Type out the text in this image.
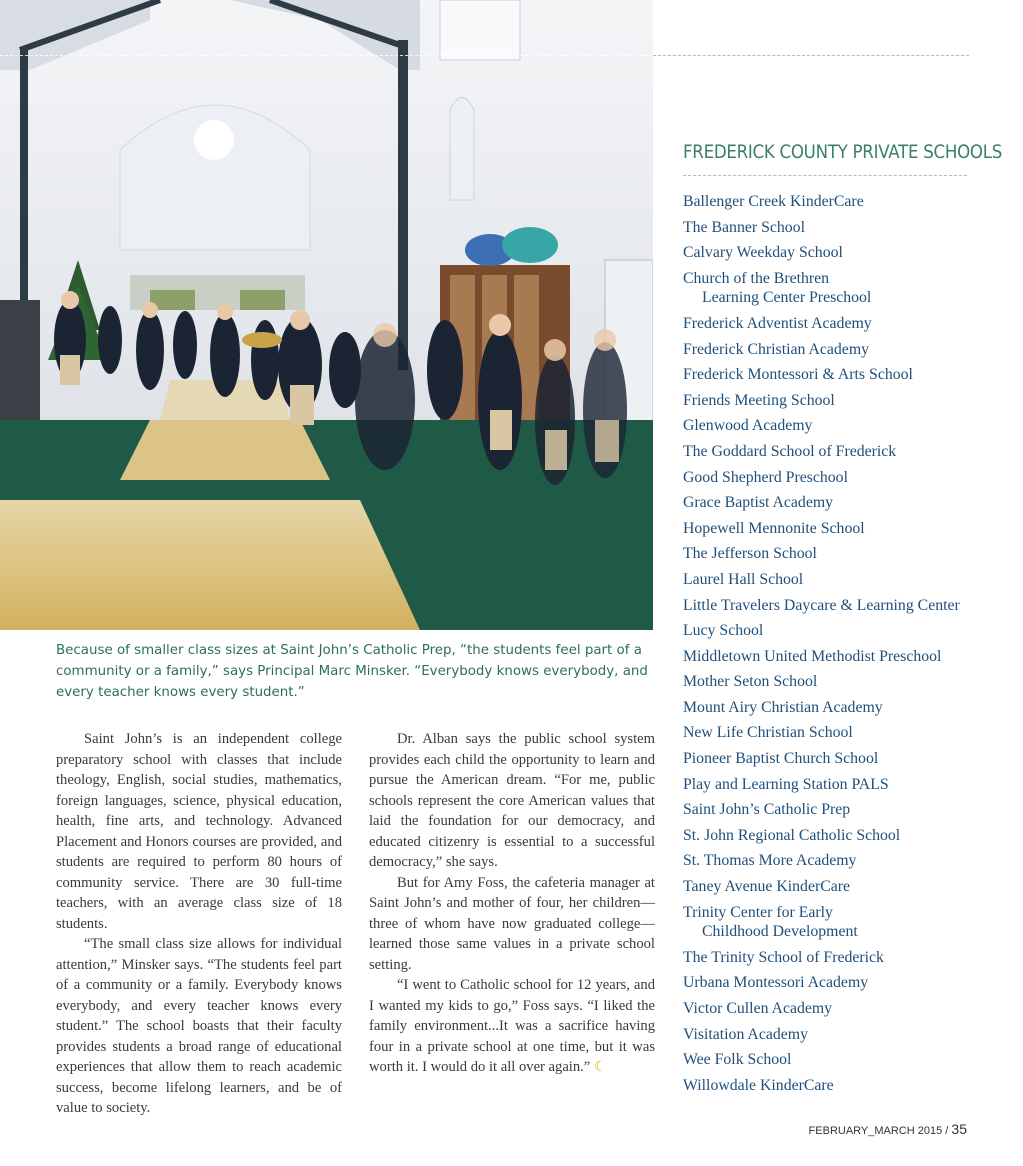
Because of smaller class sizes at Saint John’s Catholic Prep, “the students feel part of a community or a family,” says Principal Marc Minsker. “Everybody knows everybody, and every teacher knows every student.”

Saint John’s is an independent college preparatory school with classes that include theology, English, social studies, mathematics, foreign languages, science, physical education, health, fine arts, and technology. Advanced Placement and Honors courses are provided, and students are required to perform 80 hours of community service. There are 30 full-time teachers, with an average class size of 18 students.

“The small class size allows for individual attention,” Minsker says. “The students feel part of a community or a family. Everybody knows everybody, and every teacher knows every student.” The school boasts that their faculty provides students a broad range of educational experiences that allow them to reach academic success, become lifelong learners, and be of value to society.

Dr. Alban says the public school system provides each child the opportunity to learn and pursue the American dream. “For me, public schools represent the core American values that laid the foundation for our democracy, and educated citizenry is essential to a successful democracy,” she says.

But for Amy Foss, the cafeteria manager at Saint John’s and mother of four, her children—three of whom have now graduated college—learned those same values in a private school setting.

“I went to Catholic school for 12 years, and I wanted my kids to go,” Foss says. “I liked the family environment...It was a sacrifice having four in a private school at one time, but it was worth it. I would do it all over again.” ☾

FREDERICK COUNTY PRIVATE SCHOOLS
Ballenger Creek KinderCare
The Banner School
Calvary Weekday School
Church of the Brethren
Learning Center Preschool
Frederick Adventist Academy
Frederick Christian Academy
Frederick Montessori & Arts School
Friends Meeting School
Glenwood Academy
The Goddard School of Frederick
Good Shepherd Preschool
Grace Baptist Academy
Hopewell Mennonite School
The Jefferson School
Laurel Hall School
Little Travelers Daycare & Learning Center
Lucy School
Middletown United Methodist Preschool
Mother Seton School
Mount Airy Christian Academy
New Life Christian School
Pioneer Baptist Church School
Play and Learning Station PALS
Saint John’s Catholic Prep
St. John Regional Catholic School
St. Thomas More Academy
Taney Avenue KinderCare
Trinity Center for Early
Childhood Development
The Trinity School of Frederick
Urbana Montessori Academy
Victor Cullen Academy
Visitation Academy
Wee Folk School
Willowdale KinderCare
FEBRUARY_MARCH 2015 / 35
